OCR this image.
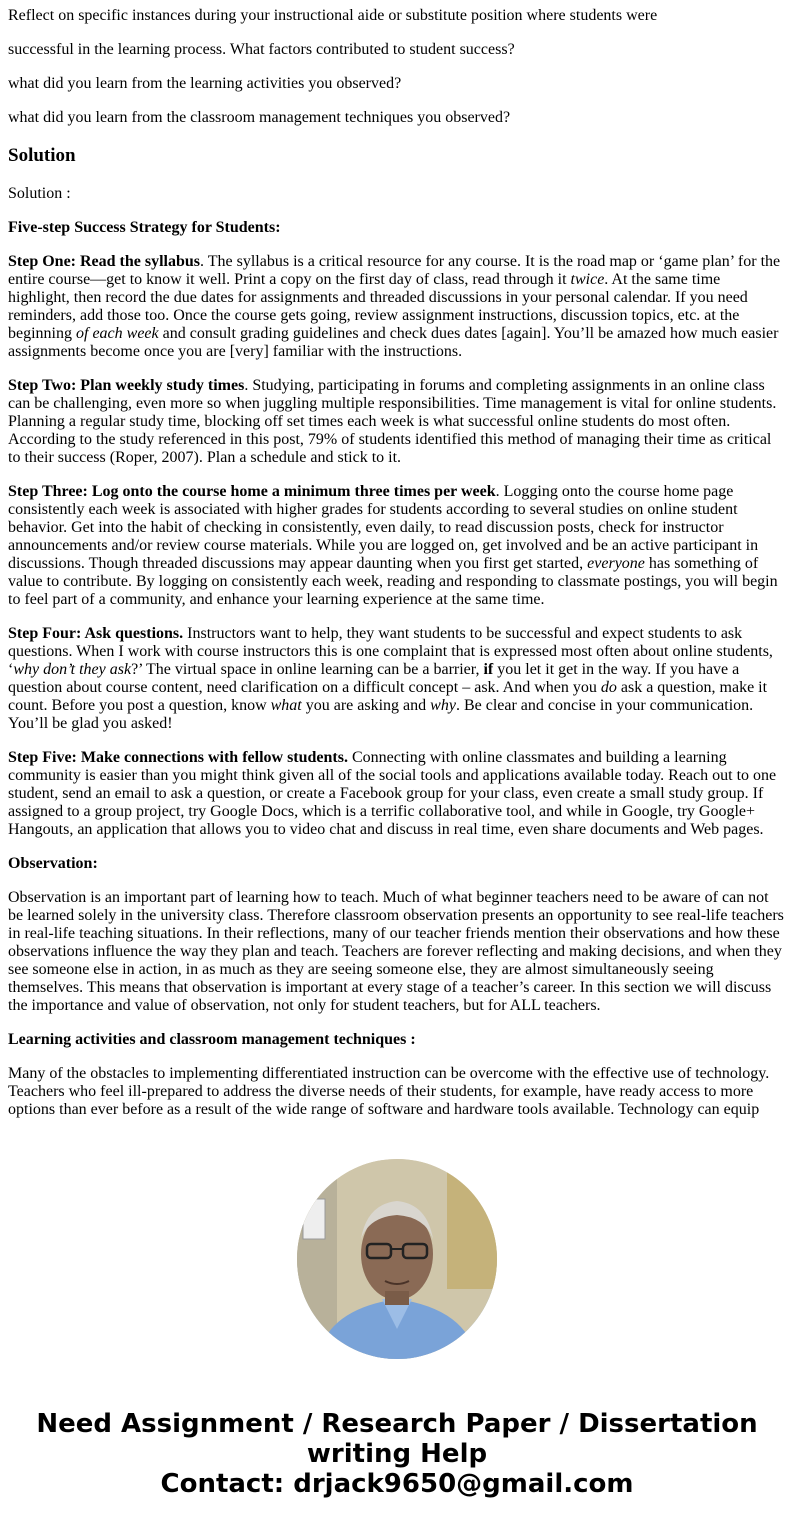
Reflect on specific instances during your instructional aide or substitute position where students were

successful in the learning process. What factors contributed to student success?

what did you learn from the learning activities you observed?

what did you learn from the classroom management techniques you observed?

Solution

Solution :

Five-step Success Strategy for Students:

Step One: Read the syllabus. The syllabus is a critical resource for any course. It is the road map or ‘game plan’ for the entire course—get to know it well. Print a copy on the first day of class, read through it twice. At the same time highlight, then record the due dates for assignments and threaded discussions in your personal calendar. If you need reminders, add those too. Once the course gets going, review assignment instructions, discussion topics, etc. at the beginning of each week and consult grading guidelines and check dues dates [again]. You’ll be amazed how much easier assignments become once you are [very] familiar with the instructions.

Step Two: Plan weekly study times. Studying, participating in forums and completing assignments in an online class can be challenging, even more so when juggling multiple responsibilities. Time management is vital for online students. Planning a regular study time, blocking off set times each week is what successful online students do most often. According to the study referenced in this post, 79% of students identified this method of managing their time as critical to their success (Roper, 2007). Plan a schedule and stick to it.

Step Three: Log onto the course home a minimum three times per week. Logging onto the course home page consistently each week is associated with higher grades for students according to several studies on online student behavior. Get into the habit of checking in consistently, even daily, to read discussion posts, check for instructor announcements and/or review course materials. While you are logged on, get involved and be an active participant in discussions. Though threaded discussions may appear daunting when you first get started, everyone has something of value to contribute. By logging on consistently each week, reading and responding to classmate postings, you will begin to feel part of a community, and enhance your learning experience at the same time.

Step Four: Ask questions. Instructors want to help, they want students to be successful and expect students to ask questions. When I work with course instructors this is one complaint that is expressed most often about online students, ‘why don’t they ask?’ The virtual space in online learning can be a barrier, if you let it get in the way. If you have a question about course content, need clarification on a difficult concept – ask. And when you do ask a question, make it count. Before you post a question, know what you are asking and why. Be clear and concise in your communication. You’ll be glad you asked!

Step Five: Make connections with fellow students. Connecting with online classmates and building a learning community is easier than you might think given all of the social tools and applications available today. Reach out to one student, send an email to ask a question, or create a Facebook group for your class, even create a small study group. If assigned to a group project, try Google Docs, which is a terrific collaborative tool, and while in Google, try Google+ Hangouts, an application that allows you to video chat and discuss in real time, even share documents and Web pages.

Observation:

Observation is an important part of learning how to teach. Much of what beginner teachers need to be aware of can not be learned solely in the university class. Therefore classroom observation presents an opportunity to see real-life teachers in real-life teaching situations. In their reflections, many of our teacher friends mention their observations and how these observations influence the way they plan and teach. Teachers are forever reflecting and making decisions, and when they see someone else in action, in as much as they are seeing someone else, they are almost simultaneously seeing themselves. This means that observation is important at every stage of a teacher’s career. In this section we will discuss the importance and value of observation, not only for student teachers, but for ALL teachers.

Learning activities and classroom management techniques :

Many of the obstacles to implementing differentiated instruction can be overcome with the effective use of technology. Teachers who feel ill-prepared to address the diverse needs of their students, for example, have ready access to more options than ever before as a result of the wide range of software and hardware tools available. Technology can equip

Need Assignment / Research Paper / Dissertation writing Help
Contact: drjack9650@gmail.com
